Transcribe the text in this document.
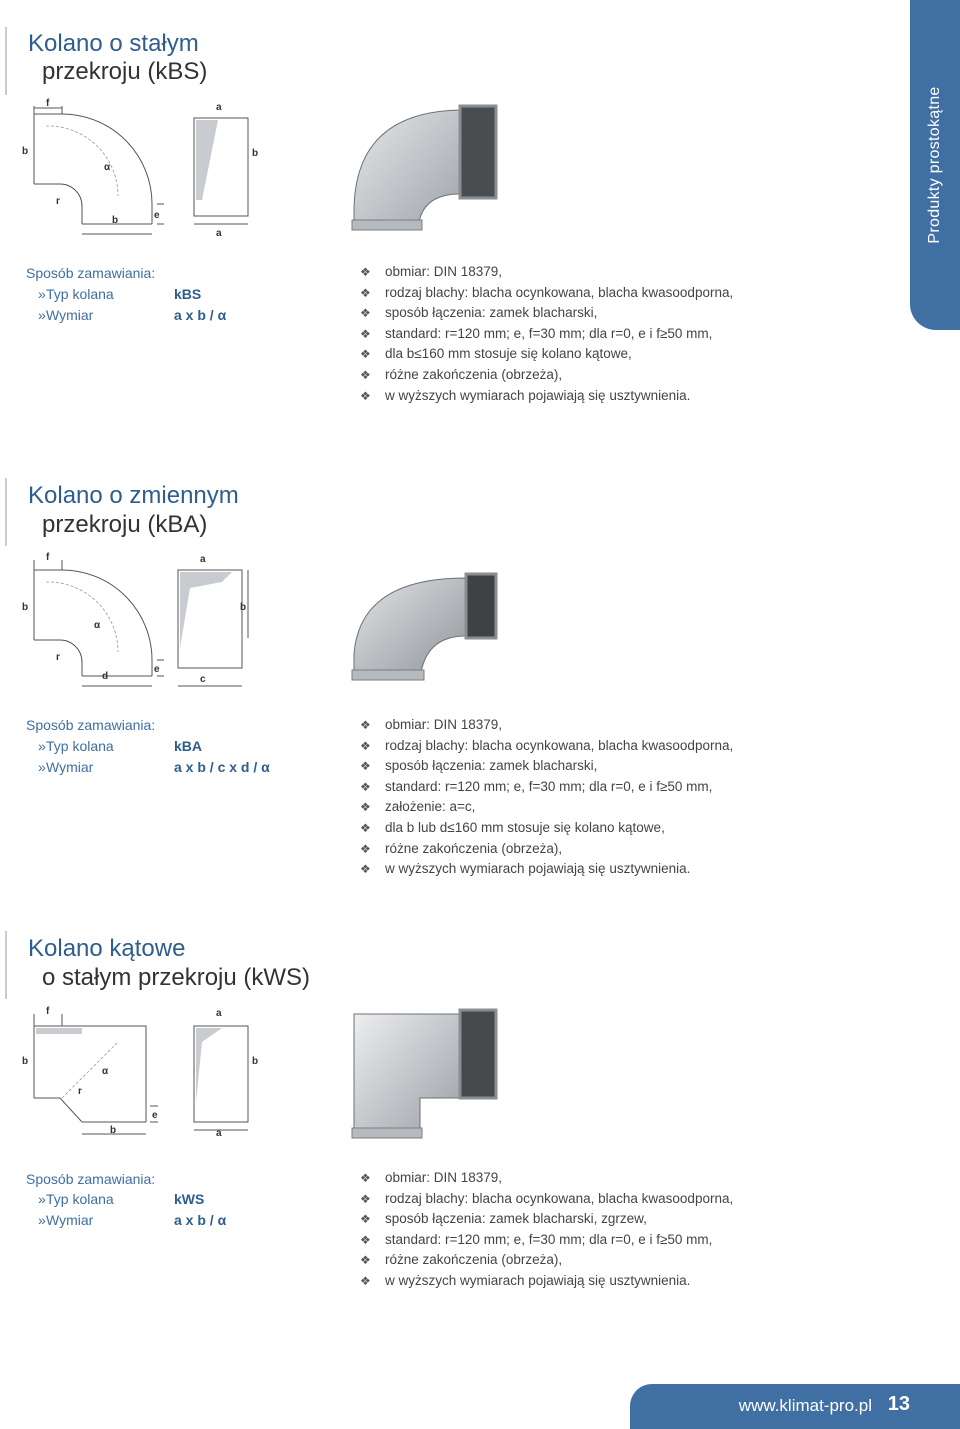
Produkty prostokątne
Kolano o stałym
przekroju (kBS)
f
b
α
r
e
b
a
b
a
Sposób zamawiania:
»Typ kolana	kBS
»Wymiar	a x b / α
❖ obmiar: DIN 18379,
❖ rodzaj blachy: blacha ocynkowana, blacha kwasoodporna,
❖ sposób łączenia: zamek blacharski,
❖ standard: r=120 mm; e, f=30 mm; dla r=0, e i f≥50 mm,
❖ dla b≤160 mm stosuje się kolano kątowe,
❖ różne zakończenia (obrzeża),
❖ w wyższych wymiarach pojawiają się usztywnienia.
Kolano o zmiennym
przekroju (kBA)
f
b
α
r
e
d
a
b
c
Sposób zamawiania:
»Typ kolana	kBA
»Wymiar	a x b / c x d / α
❖ obmiar: DIN 18379,
❖ rodzaj blachy: blacha ocynkowana, blacha kwasoodporna,
❖ sposób łączenia: zamek blacharski,
❖ standard: r=120 mm; e, f=30 mm; dla r=0, e i f≥50 mm,
❖ założenie: a=c,
❖ dla b lub d≤160 mm stosuje się kolano kątowe,
❖ różne zakończenia (obrzeża),
❖ w wyższych wymiarach pojawiają się usztywnienia.
Kolano kątowe
o stałym przekroju (kWS)
f
b
α
r
e
b
a
b
a
Sposób zamawiania:
»Typ kolana	kWS
»Wymiar	a x b / α
❖ obmiar: DIN 18379,
❖ rodzaj blachy: blacha ocynkowana, blacha kwasoodporna,
❖ sposób łączenia: zamek blacharski, zgrzew,
❖ standard: r=120 mm; e, f=30 mm; dla r=0, e i f≥50 mm,
❖ różne zakończenia (obrzeża),
❖ w wyższych wymiarach pojawiają się usztywnienia.
www.klimat-pro.pl 13
